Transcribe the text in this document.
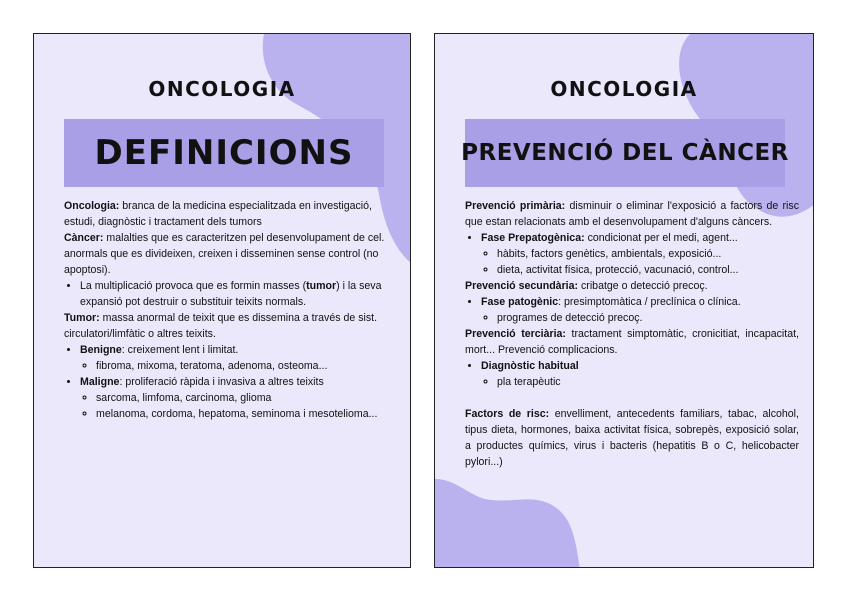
ONCOLOGIA
DEFINICIONS

Oncologia: branca de la medicina especialitzada en investigació, estudi, diagnòstic i tractament dels tumors

Càncer: malalties que es caracteritzen pel desenvolupament de cel. anormals que es divideixen, creixen i disseminen sense control (no apoptosi).

• La multiplicació provoca que es formin masses (tumor) i la seva expansió pot destruir o substituir teixits normals.

Tumor: massa anormal de teixit que es dissemina a través de sist. circulatori/limfàtic o altres teixits.

• Benigne: creixement lent i limitat.
◦ fibroma, mixoma, teratoma, adenoma, osteoma...
• Maligne: proliferació ràpida i invasiva a altres teixits
◦ sarcoma, limfoma, carcinoma, glioma
◦ melanoma, cordoma, hepatoma, seminoma i mesotelioma...
ONCOLOGIA
PREVENCIÓ DEL CÀNCER

Prevenció primària: disminuir o eliminar l'exposició a factors de risc que estan relacionats amb el desenvolupament d'alguns càncers.

• Fase Prepatogènica: condicionat per el medi, agent...
◦ hàbits, factors genètics, ambientals, exposició...
◦ dieta, activitat física, protecció, vacunació, control...

Prevenció secundària: cribatge o detecció precoç.

• Fase patogènic: presimptomàtica / preclínica o clínica.
◦ programes de detecció precoç.

Prevenció terciària: tractament simptomàtic, cronicitiat, incapacitat, mort... Prevenció complicacions.

• Diagnòstic habitual
◦ pla terapèutic

Factors de risc: envelliment, antecedents familiars, tabac, alcohol, tipus dieta, hormones, baixa activitat física, sobrepès, exposició solar, a productes químics, virus i bacteris (hepatitis B o C, helicobacter pylori...)
